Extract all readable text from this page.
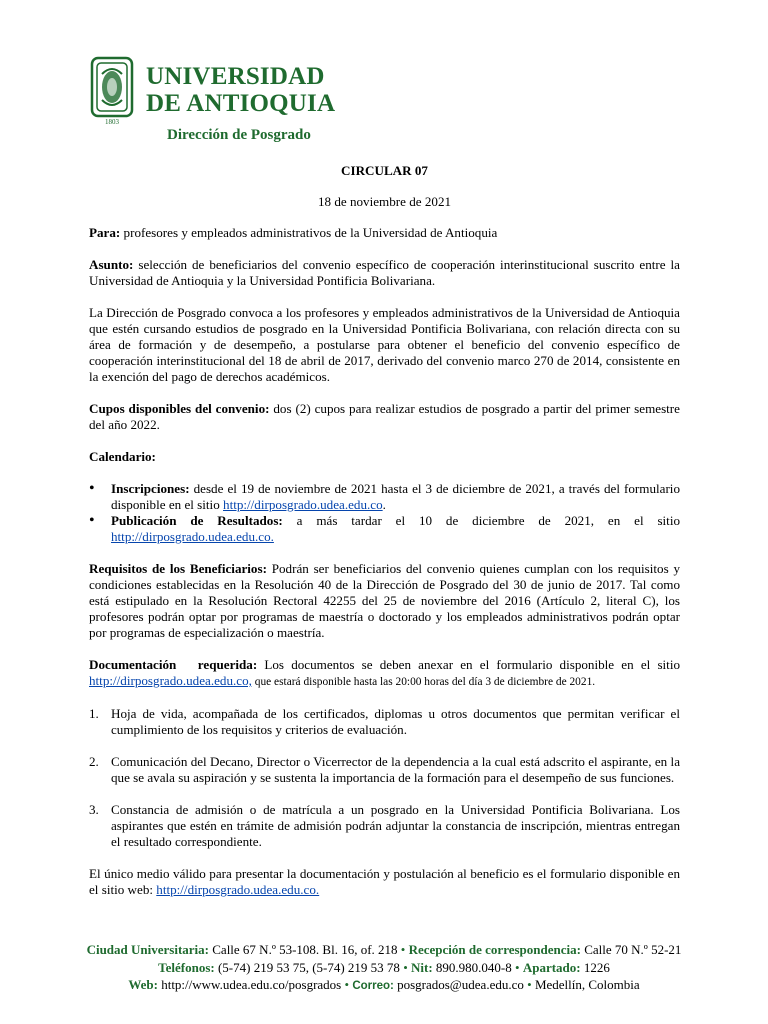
1803
UNIVERSIDAD
DE ANTIOQUIA
Dirección de Posgrado

CIRCULAR 07

18 de noviembre de 2021

Para: profesores y empleados administrativos de la Universidad de Antioquia

Asunto: selección de beneficiarios del convenio específico de cooperación interinstitucional suscrito entre la Universidad de Antioquia y la Universidad Pontificia Bolivariana.

La Dirección de Posgrado convoca a los profesores y empleados administrativos de la Universidad de Antioquia que estén cursando estudios de posgrado en la Universidad Pontificia Bolivariana, con relación directa con su área de formación y de desempeño, a postularse para obtener el beneficio del convenio específico de cooperación interinstitucional del 18 de abril de 2017, derivado del convenio marco 270 de 2014, consistente en la exención del pago de derechos académicos.

Cupos disponibles del convenio: dos (2) cupos para realizar estudios de posgrado a partir del primer semestre del año 2022.

Calendario:

• Inscripciones: desde el 19 de noviembre de 2021 hasta el 3 de diciembre de 2021, a través del formulario disponible en el sitio http://dirposgrado.udea.edu.co.
• Publicación de Resultados: a más tardar el 10 de diciembre de 2021, en el sitio http://dirposgrado.udea.edu.co.

Requisitos de los Beneficiarios: Podrán ser beneficiarios del convenio quienes cumplan con los requisitos y condiciones establecidas en la Resolución 40 de la Dirección de Posgrado del 30 de junio de 2017. Tal como está estipulado en la Resolución Rectoral 42255 del 25 de noviembre del 2016 (Artículo 2, literal C), los profesores podrán optar por programas de maestría o doctorado y los empleados administrativos podrán optar por programas de especialización o maestría.

Documentación   requerida: Los documentos se deben anexar en el formulario disponible en el sitio http://dirposgrado.udea.edu.co, que estará disponible hasta las 20:00 horas del día 3 de diciembre de 2021.

1. Hoja de vida, acompañada de los certificados, diplomas u otros documentos que permitan verificar el cumplimiento de los requisitos y criterios de evaluación.
2. Comunicación del Decano, Director o Vicerrector de la dependencia a la cual está adscrito el aspirante, en la que se avala su aspiración y se sustenta la importancia de la formación para el desempeño de sus funciones.
3. Constancia de admisión o de matrícula a un posgrado en la Universidad Pontificia Bolivariana. Los aspirantes que estén en trámite de admisión podrán adjuntar la constancia de inscripción, mientras entregan el resultado correspondiente.

El único medio válido para presentar la documentación y postulación al beneficio es el formulario disponible en el sitio web: http://dirposgrado.udea.edu.co.

Ciudad Universitaria: Calle 67 N.º 53-108. Bl. 16, of. 218 • Recepción de correspondencia: Calle 70 N.º 52-21
Teléfonos: (5-74) 219 53 75, (5-74) 219 53 78 • Nit: 890.980.040-8 • Apartado: 1226
Web: http://www.udea.edu.co/posgrados • Correo: posgrados@udea.edu.co • Medellín, Colombia
